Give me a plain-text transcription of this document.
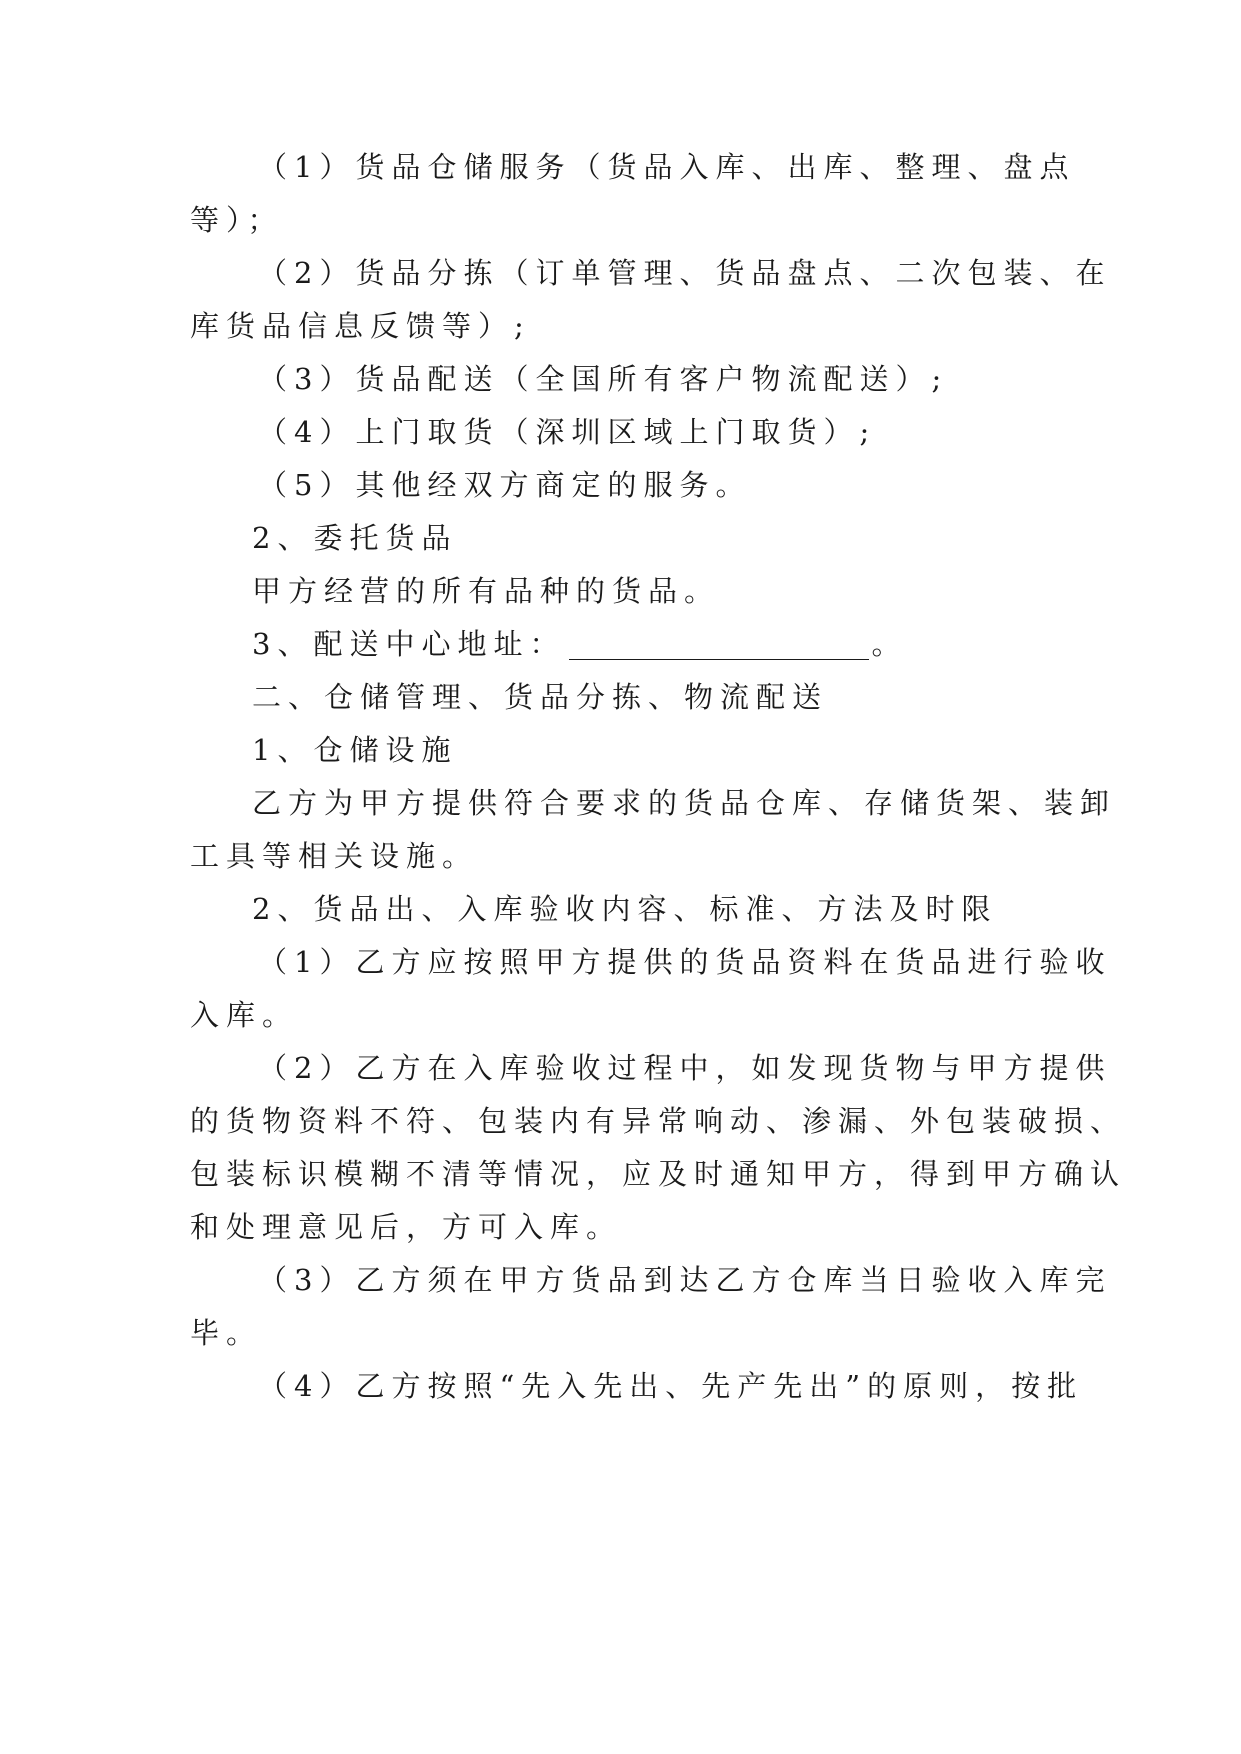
（1）货品仓储服务（货品入库、出库、整理、盘点
等）；
（2）货品分拣（订单管理、货品盘点、二次包装、在
库货品信息反馈等）;
（3）货品配送（全国所有客户物流配送）;
（4）上门取货（深圳区域上门取货）;
（5）其他经双方商定的服务。
2、委托货品
甲方经营的所有品种的货品。
3、配送中心地址：	。
二、仓储管理、货品分拣、物流配送
1、仓储设施
乙方为甲方提供符合要求的货品仓库、存储货架、装卸
工具等相关设施。
2、货品出、入库验收内容、标准、方法及时限
（1）乙方应按照甲方提供的货品资料在货品进行验收
入库。
（2）乙方在入库验收过程中，如发现货物与甲方提供
的货物资料不符、包装内有异常响动、渗漏、外包装破损、
包装标识模糊不清等情况，应及时通知甲方，得到甲方确认
和处理意见后，方可入库。
（3）乙方须在甲方货品到达乙方仓库当日验收入库完
毕。
（4）乙方按照“先入先出、先产先出”的原则，按批
